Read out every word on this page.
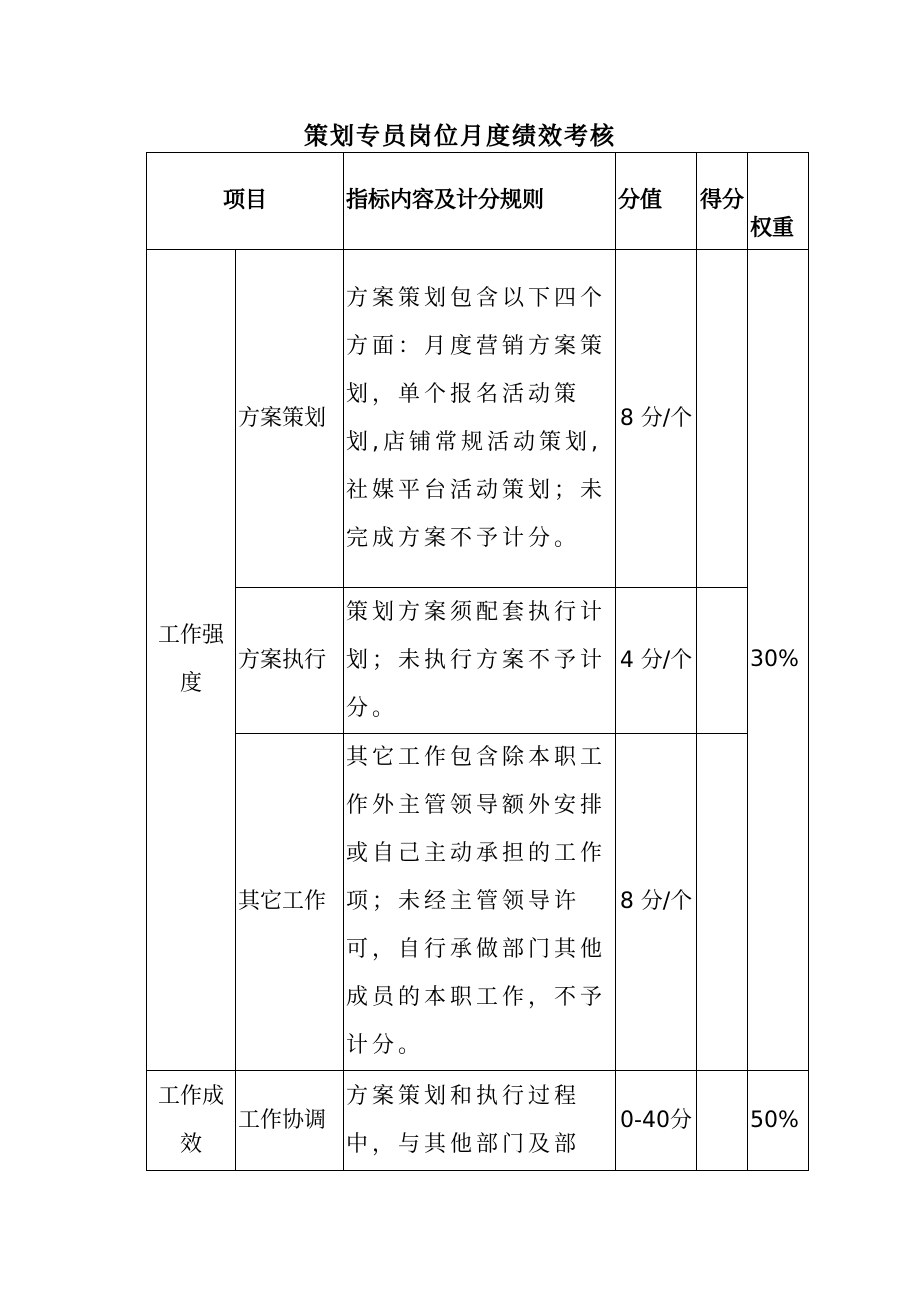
策划专员岗位月度绩效考核
项目		指标内容及计分规则	分值	得分	权重
工作强度	方案策划	方案策划包含以下四个方面：月度营销方案策划，单个报名活动策划,店铺常规活动策划,社媒平台活动策划；未完成方案不予计分。	8 分/个		30%
	方案执行	策划方案须配套执行计划；未执行方案不予计分。	4 分/个		
	其它工作	其它工作包含除本职工作外主管领导额外安排或自己主动承担的工作项；未经主管领导许可，自行承做部门其他成员的本职工作，不予计分。	8 分/个		
工作成效	工作协调	方案策划和执行过程中，与其他部门及部	0-40分		50%
